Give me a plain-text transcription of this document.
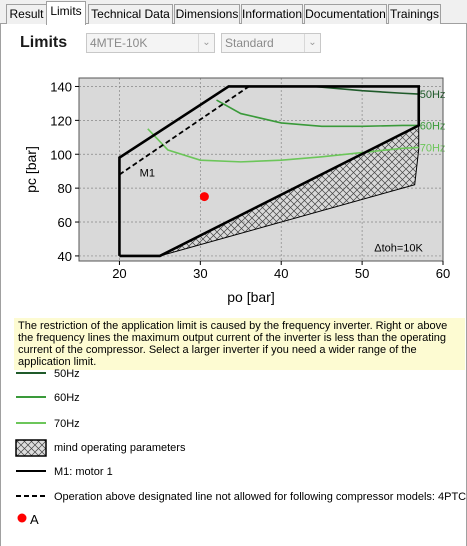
Result Limits Technical Data Dimensions Information Documentation Trainings
Limits	4MTE-10K	⌄	Standard	⌄
50Hz
60Hz
70Hz
20	30	40	50	60
40
60
80
100
120
140
po [bar]
pc [bar]	M1
Δtoh=10K
The restriction of the application limit is caused by the frequency inverter. Right or above the frequency lines the maximum output current of the inverter is less than the operating current of the compressor. Select a larger inverter if you need a wider range of the application limit.
50Hz
60Hz
70Hz
mind operating parameters
M1: motor 1
Operation above designated line not allowed for following compressor models: 4PTC
A
